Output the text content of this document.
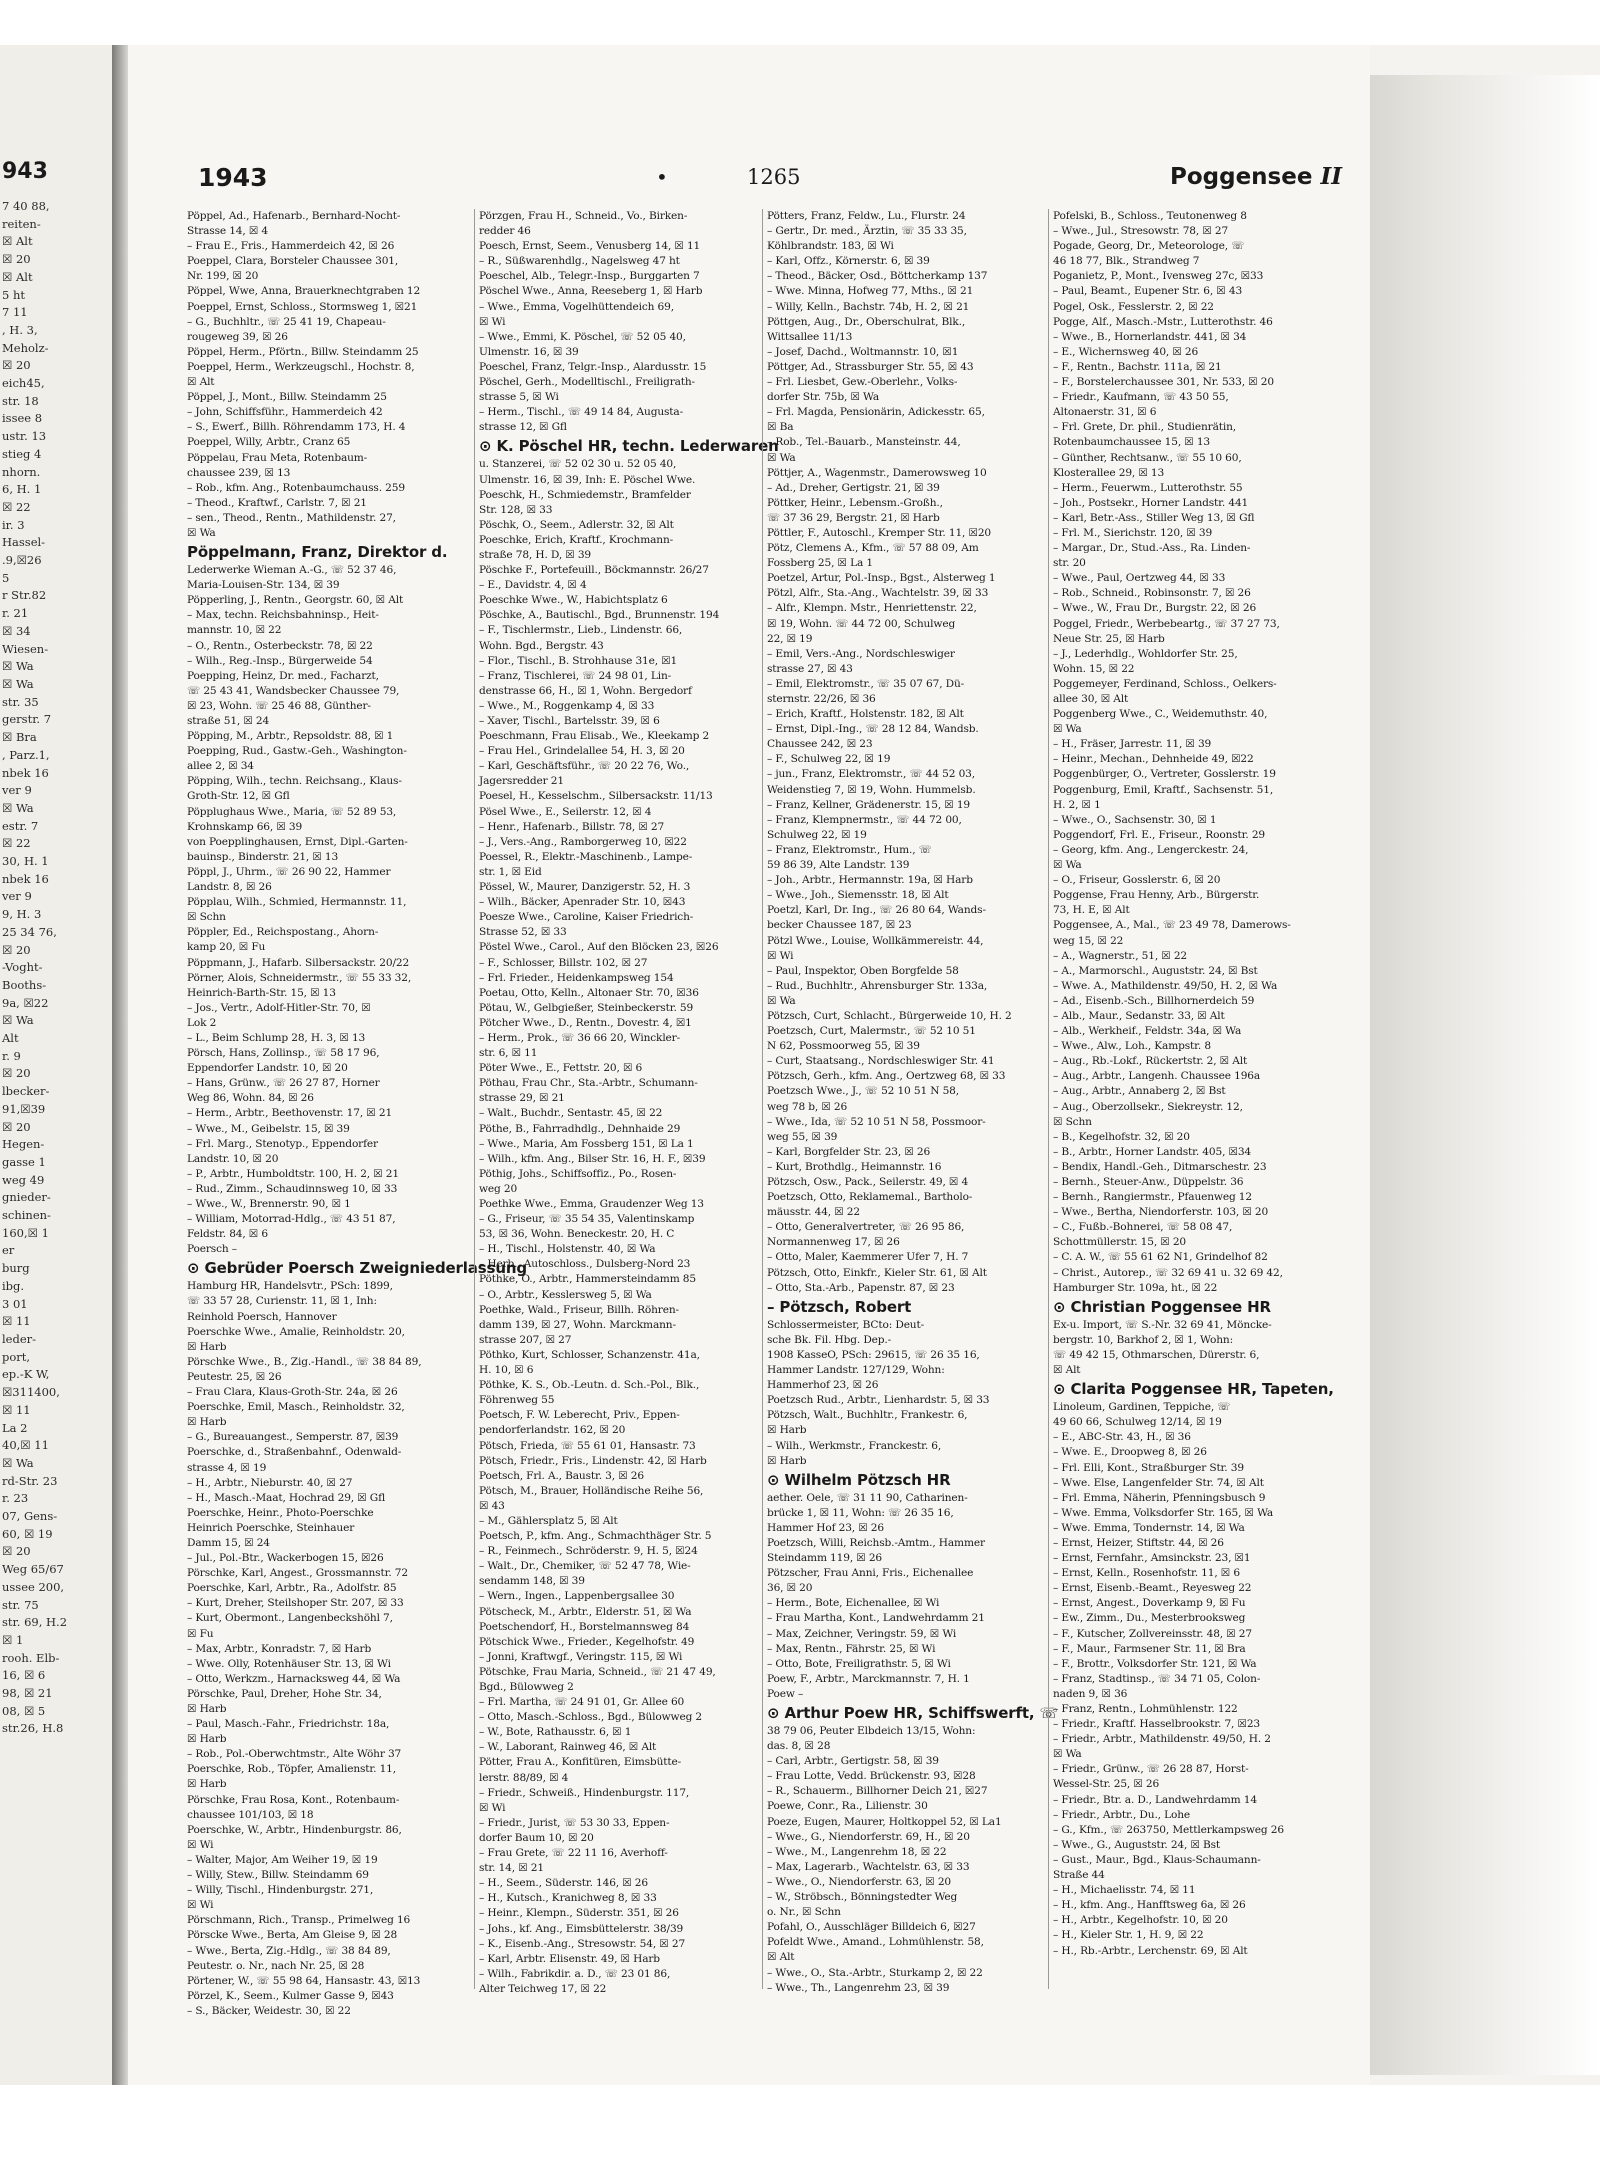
943
7 40 88,
reiten-
☒ Alt
☒ 20
☒ Alt
5 ht
7 11
, H. 3,
Meholz-
☒ 20
eich45,
str. 18
issee 8
ustr. 13
stieg 4
nhorn.
6, H. 1
☒ 22
ir. 3
Hassel-
.9,☒26
5
r Str.82
r. 21
☒ 34
Wiesen-
☒ Wa
☒ Wa
str. 35
gerstr. 7
☒ Bra
, Parz.1,
nbek 16
ver 9
☒ Wa
estr. 7
☒ 22
30, H. 1
nbek 16
ver 9
9, H. 3
25 34 76,
☒ 20
-Voght-
Booths-
9a, ☒22
☒ Wa
Alt
r. 9
☒ 20
lbecker-
91,☒39
☒ 20
Hegen-
gasse 1
weg 49
gnieder-
schinen-
160,☒ 1
er
burg
ibg.
3 01
☒ 11
leder-
port,
ep.-K W,
☒311400,
☒ 11
La 2
40,☒ 11
☒ Wa
rd-Str. 23
r. 23
07, Gens-
60, ☒ 19
☒ 20
Weg 65/67
ussee 200,
str. 75
str. 69, H.2
☒ 1
rooh. Elb-
16, ☒ 6
98, ☒ 21
08, ☒ 5
str.26, H.8
1943	•	1265	Poggensee II
Pöppel, Ad., Hafenarb., Bernhard-Nocht-
Strasse 14, ☒ 4
– Frau E., Fris., Hammerdeich 42, ☒ 26
Poeppel, Clara, Borsteler Chaussee 301,
Nr. 199, ☒ 20
Pöppel, Wwe, Anna, Brauerknechtgraben 12
Poeppel, Ernst, Schloss., Stormsweg 1, ☒21
– G., Buchhltr., ☏ 25 41 19, Chapeau-
rougeweg 39, ☒ 26
Pöppel, Herm., Pförtn., Billw. Steindamm 25
Poeppel, Herm., Werkzeugschl., Hochstr. 8,
☒ Alt
Pöppel, J., Mont., Billw. Steindamm 25
– John, Schiffsführ., Hammerdeich 42
– S., Ewerf., Billh. Röhrendamm 173, H. 4
Poeppel, Willy, Arbtr., Cranz 65
Pöppelau, Frau Meta, Rotenbaum-
chaussee 239, ☒ 13
– Rob., kfm. Ang., Rotenbaumchauss. 259
– Theod., Kraftwf., Carlstr. 7, ☒ 21
– sen., Theod., Rentn., Mathildenstr. 27,
☒ Wa
Pöppelmann, Franz, Direktor d.
Lederwerke Wieman A.-G., ☏ 52 37 46,
Maria-Louisen-Str. 134, ☒ 39
Pöpperling, J., Rentn., Georgstr. 60, ☒ Alt
– Max, techn. Reichsbahninsp., Heit-
mannstr. 10, ☒ 22
– O., Rentn., Osterbeckstr. 78, ☒ 22
– Wilh., Reg.-Insp., Bürgerweide 54
Poepping, Heinz, Dr. med., Facharzt,
☏ 25 43 41, Wandsbecker Chaussee 79,
☒ 23, Wohn. ☏ 25 46 88, Günther-
straße 51, ☒ 24
Pöpping, M., Arbtr., Repsoldstr. 88, ☒ 1
Poepping, Rud., Gastw.-Geh., Washington-
allee 2, ☒ 34
Pöpping, Wilh., techn. Reichsang., Klaus-
Groth-Str. 12, ☒ Gfl
Pöpplughaus Wwe., Maria, ☏ 52 89 53,
Krohnskamp 66, ☒ 39
von Poepplinghausen, Ernst, Dipl.-Garten-
bauinsp., Binderstr. 21, ☒ 13
Pöppl, J., Uhrm., ☏ 26 90 22, Hammer
Landstr. 8, ☒ 26
Pöpplau, Wilh., Schmied, Hermannstr. 11,
☒ Schn
Pöppler, Ed., Reichspostang., Ahorn-
kamp 20, ☒ Fu
Pöppmann, J., Hafarb. Silbersackstr. 20/22
Pörner, Alois, Schneidermstr., ☏ 55 33 32,
Heinrich-Barth-Str. 15, ☒ 13
– Jos., Vertr., Adolf-Hitler-Str. 70, ☒
Lok 2
– L., Beim Schlump 28, H. 3, ☒ 13
Pörsch, Hans, Zollinsp., ☏ 58 17 96,
Eppendorfer Landstr. 10, ☒ 20
– Hans, Grünw., ☏ 26 27 87, Horner
Weg 86, Wohn. 84, ☒ 26
– Herm., Arbtr., Beethovenstr. 17, ☒ 21
– Wwe., M., Geibelstr. 15, ☒ 39
– Frl. Marg., Stenotyp., Eppendorfer
Landstr. 10, ☒ 20
– P., Arbtr., Humboldtstr. 100, H. 2, ☒ 21
– Rud., Zimm., Schaudinnsweg 10, ☒ 33
– Wwe., W., Brennerstr. 90, ☒ 1
– William, Motorrad-Hdlg., ☏ 43 51 87,
Feldstr. 84, ☒ 6
Poersch –
⊙ Gebrüder Poersch Zweigniederlassung
Hamburg HR, Handelsvtr., PSch: 1899,
☏ 33 57 28, Curienstr. 11, ☒ 1, Inh:
Reinhold Poersch, Hannover
Poerschke Wwe., Amalie, Reinholdstr. 20,
☒ Harb
Pörschke Wwe., B., Zig.-Handl., ☏ 38 84 89,
Peutestr. 25, ☒ 26
– Frau Clara, Klaus-Groth-Str. 24a, ☒ 26
Poerschke, Emil, Masch., Reinholdstr. 32,
☒ Harb
– G., Bureauangest., Semperstr. 87, ☒39
Poerschke, d., Straßenbahnf., Odenwald-
strasse 4, ☒ 19
– H., Arbtr., Nieburstr. 40, ☒ 27
– H., Masch.-Maat, Hochrad 29, ☒ Gfl
Poerschke, Heinr., Photo-Poerschke
Heinrich Poerschke, Steinhauer
Damm 15, ☒ 24
– Jul., Pol.-Btr., Wackerbogen 15, ☒26
Pörschke, Karl, Angest., Grossmannstr. 72
Poerschke, Karl, Arbtr., Ra., Adolfstr. 85
– Kurt, Dreher, Steilshoper Str. 207, ☒ 33
– Kurt, Obermont., Langenbeckshöhl 7,
☒ Fu
– Max, Arbtr., Konradstr. 7, ☒ Harb
– Wwe. Olly, Rotenhäuser Str. 13, ☒ Wi
– Otto, Werkzm., Harnacksweg 44, ☒ Wa
Pörschke, Paul, Dreher, Hohe Str. 34,
☒ Harb
– Paul, Masch.-Fahr., Friedrichstr. 18a,
☒ Harb
– Rob., Pol.-Oberwchtmstr., Alte Wöhr 37
Poerschke, Rob., Töpfer, Amalienstr. 11,
☒ Harb
Pörschke, Frau Rosa, Kont., Rotenbaum-
chaussee 101/103, ☒ 18
Poerschke, W., Arbtr., Hindenburgstr. 86,
☒ Wi
– Walter, Major, Am Weiher 19, ☒ 19
– Willy, Stew., Billw. Steindamm 69
– Willy, Tischl., Hindenburgstr. 271,
☒ Wi
Pörschmann, Rich., Transp., Primelweg 16
Pörscke Wwe., Berta, Am Gleise 9, ☒ 28
– Wwe., Berta, Zig.-Hdlg., ☏ 38 84 89,
Peutestr. o. Nr., nach Nr. 25, ☒ 28
Pörtener, W., ☏ 55 98 64, Hansastr. 43, ☒13
Pörzel, K., Seem., Kulmer Gasse 9, ☒43
– S., Bäcker, Weidestr. 30, ☒ 22
Pörzgen, Frau H., Schneid., Vo., Birken-
redder 46
Poesch, Ernst, Seem., Venusberg 14, ☒ 11
– R., Süßwarenhdlg., Nagelsweg 47 ht
Poeschel, Alb., Telegr.-Insp., Burggarten 7
Pöschel Wwe., Anna, Reeseberg 1, ☒ Harb
– Wwe., Emma, Vogelhüttendeich 69,
☒ Wi
– Wwe., Emmi, K. Pöschel, ☏ 52 05 40,
Ulmenstr. 16, ☒ 39
Poeschel, Franz, Telgr.-Insp., Alardusstr. 15
Pöschel, Gerh., Modelltischl., Freiligrath-
strasse 5, ☒ Wi
– Herm., Tischl., ☏ 49 14 84, Augusta-
strasse 12, ☒ Gfl
⊙ K. Pöschel HR, techn. Lederwaren
u. Stanzerei, ☏ 52 02 30 u. 52 05 40,
Ulmenstr. 16, ☒ 39, Inh: E. Pöschel Wwe.
Poeschk, H., Schmiedemstr., Bramfelder
Str. 128, ☒ 33
Pöschk, O., Seem., Adlerstr. 32, ☒ Alt
Poeschke, Erich, Kraftf., Krochmann-
straße 78, H. D, ☒ 39
Pöschke F., Portefeuill., Böckmannstr. 26/27
– E., Davidstr. 4, ☒ 4
Poeschke Wwe., W., Habichtsplatz 6
Pöschke, A., Bautischl., Bgd., Brunnenstr. 194
– F., Tischlermstr., Lieb., Lindenstr. 66,
Wohn. Bgd., Bergstr. 43
– Flor., Tischl., B. Strohhause 31e, ☒1
– Franz, Tischlerei, ☏ 24 98 01, Lin-
denstrasse 66, H., ☒ 1, Wohn. Bergedorf
– Wwe., M., Roggenkamp 4, ☒ 33
– Xaver, Tischl., Bartelsstr. 39, ☒ 6
Poeschmann, Frau Elisab., We., Kleekamp 2
– Frau Hel., Grindelallee 54, H. 3, ☒ 20
– Karl, Geschäftsführ., ☏ 20 22 76, Wo.,
Jagersredder 21
Poesel, H., Kesselschm., Silbersackstr. 11/13
Pösel Wwe., E., Seilerstr. 12, ☒ 4
– Henr., Hafenarb., Billstr. 78, ☒ 27
– J., Vers.-Ang., Ramborgerweg 10, ☒22
Poessel, R., Elektr.-Maschinenb., Lampe-
str. 1, ☒ Eid
Pössel, W., Maurer, Danzigerstr. 52, H. 3
– Wilh., Bäcker, Apenrader Str. 10, ☒43
Poesze Wwe., Caroline, Kaiser Friedrich-
Strasse 52, ☒ 33
Pöstel Wwe., Carol., Auf den Blöcken 23, ☒26
– F., Schlosser, Billstr. 102, ☒ 27
– Frl. Frieder., Heidenkampsweg 154
Poetau, Otto, Kelln., Altonaer Str. 70, ☒36
Pötau, W., Gelbgießer, Steinbeckerstr. 59
Pötcher Wwe., D., Rentn., Dovestr. 4, ☒1
– Herm., Prok., ☏ 36 66 20, Winckler-
str. 6, ☒ 11
Pöter Wwe., E., Fettstr. 20, ☒ 6
Pöthau, Frau Chr., Sta.-Arbtr., Schumann-
strasse 29, ☒ 21
– Walt., Buchdr., Sentastr. 45, ☒ 22
Pöthe, B., Fahrradhdlg., Dehnhaide 29
– Wwe., Maria, Am Fossberg 151, ☒ La 1
– Wilh., kfm. Ang., Bilser Str. 16, H. F., ☒39
Pöthig, Johs., Schiffsoffiz., Po., Rosen-
weg 20
Poethke Wwe., Emma, Graudenzer Weg 13
– G., Friseur, ☏ 35 54 35, Valentinskamp
53, ☒ 36, Wohn. Beneckestr. 20, H. C
– H., Tischl., Holstenstr. 40, ☒ Wa
– Herb., Autoschloss., Dulsberg-Nord 23
Pöthke, O., Arbtr., Hammersteindamm 85
– O., Arbtr., Kesslersweg 5, ☒ Wa
Poethke, Wald., Friseur, Billh. Röhren-
damm 139, ☒ 27, Wohn. Marckmann-
strasse 207, ☒ 27
Pöthko, Kurt, Schlosser, Schanzenstr. 41a,
H. 10, ☒ 6
Pöthke, K. S., Ob.-Leutn. d. Sch.-Pol., Blk.,
Föhrenweg 55
Poetsch, F. W. Leberecht, Priv., Eppen-
pendorferlandstr. 162, ☒ 20
Pötsch, Frieda, ☏ 55 61 01, Hansastr. 73
Pötsch, Friedr., Fris., Lindenstr. 42, ☒ Harb
Poetsch, Frl. A., Baustr. 3, ☒ 26
Pötsch, M., Brauer, Holländische Reihe 56,
☒ 43
– M., Gählersplatz 5, ☒ Alt
Poetsch, P., kfm. Ang., Schmachthäger Str. 5
– R., Feinmech., Schröderstr. 9, H. 5, ☒24
– Walt., Dr., Chemiker, ☏ 52 47 78, Wie-
sendamm 148, ☒ 39
– Wern., Ingen., Lappenbergsallee 30
Pötscheck, M., Arbtr., Elderstr. 51, ☒ Wa
Poetschendorf, H., Borstelmannsweg 84
Pötschick Wwe., Frieder., Kegelhofstr. 49
– Jonni, Kraftwgf., Veringstr. 115, ☒ Wi
Pötschke, Frau Maria, Schneid., ☏ 21 47 49,
Bgd., Bülowweg 2
– Frl. Martha, ☏ 24 91 01, Gr. Allee 60
– Otto, Masch.-Schloss., Bgd., Bülowweg 2
– W., Bote, Rathausstr. 6, ☒ 1
– W., Laborant, Rainweg 46, ☒ Alt
Pötter, Frau A., Konfitüren, Eimsbütte-
lerstr. 88/89, ☒ 4
– Friedr., Schweiß., Hindenburgstr. 117,
☒ Wi
– Friedr., Jurist, ☏ 53 30 33, Eppen-
dorfer Baum 10, ☒ 20
– Frau Grete, ☏ 22 11 16, Averhoff-
str. 14, ☒ 21
– H., Seem., Süderstr. 146, ☒ 26
– H., Kutsch., Kranichweg 8, ☒ 33
– Heinr., Klempn., Süderstr. 351, ☒ 26
– Johs., kf. Ang., Eimsbüttelerstr. 38/39
– K., Eisenb.-Ang., Stresowstr. 54, ☒ 27
– Karl, Arbtr. Elisenstr. 49, ☒ Harb
– Wilh., Fabrikdir. a. D., ☏ 23 01 86,
Alter Teichweg 17, ☒ 22
Pötters, Franz, Feldw., Lu., Flurstr. 24
– Gertr., Dr. med., Ärztin, ☏ 35 33 35,
Köhlbrandstr. 183, ☒ Wi
– Karl, Offz., Körnerstr. 6, ☒ 39
– Theod., Bäcker, Osd., Böttcherkamp 137
– Wwe. Minna, Hofweg 77, Mths., ☒ 21
– Willy, Kelln., Bachstr. 74b, H. 2, ☒ 21
Pöttgen, Aug., Dr., Oberschulrat, Blk.,
Wittsallee 11/13
– Josef, Dachd., Woltmannstr. 10, ☒1
Pöttger, Ad., Strassburger Str. 55, ☒ 43
– Frl. Liesbet, Gew.-Oberlehr., Volks-
dorfer Str. 75b, ☒ Wa
– Frl. Magda, Pensionärin, Adickesstr. 65,
☒ Ba
– Rob., Tel.-Bauarb., Mansteinstr. 44,
☒ Wa
Pöttjer, A., Wagenmstr., Damerowsweg 10
– Ad., Dreher, Gertigstr. 21, ☒ 39
Pöttker, Heinr., Lebensm.-Großh.,
☏ 37 36 29, Bergstr. 21, ☒ Harb
Pöttler, F., Autoschl., Kremper Str. 11, ☒20
Pötz, Clemens A., Kfm., ☏ 57 88 09, Am
Fossberg 25, ☒ La 1
Poetzel, Artur, Pol.-Insp., Bgst., Alsterweg 1
Pötzl, Alfr., Sta.-Ang., Wachtelstr. 39, ☒ 33
– Alfr., Klempn. Mstr., Henriettenstr. 22,
☒ 19, Wohn. ☏ 44 72 00, Schulweg
22, ☒ 19
– Emil, Vers.-Ang., Nordschleswiger
strasse 27, ☒ 43
– Emil, Elektromstr., ☏ 35 07 67, Dü-
sternstr. 22/26, ☒ 36
– Erich, Kraftf., Holstenstr. 182, ☒ Alt
– Ernst, Dipl.-Ing., ☏ 28 12 84, Wandsb.
Chaussee 242, ☒ 23
– F., Schulweg 22, ☒ 19
– jun., Franz, Elektromstr., ☏ 44 52 03,
Weidenstieg 7, ☒ 19, Wohn. Hummelsb.
– Franz, Kellner, Grädenerstr. 15, ☒ 19
– Franz, Klempnermstr., ☏ 44 72 00,
Schulweg 22, ☒ 19
– Franz, Elektromstr., Hum., ☏
59 86 39, Alte Landstr. 139
– Joh., Arbtr., Hermannstr. 19a, ☒ Harb
– Wwe., Joh., Siemensstr. 18, ☒ Alt
Poetzl, Karl, Dr. Ing., ☏ 26 80 64, Wands-
becker Chaussee 187, ☒ 23
Pötzl Wwe., Louise, Wollkämmereistr. 44,
☒ Wi
– Paul, Inspektor, Oben Borgfelde 58
– Rud., Buchhltr., Ahrensburger Str. 133a,
☒ Wa
Pötzsch, Curt, Schlacht., Bürgerweide 10, H. 2
Poetzsch, Curt, Malermstr., ☏ 52 10 51
N 62, Possmoorweg 55, ☒ 39
– Curt, Staatsang., Nordschleswiger Str. 41
Pötzsch, Gerh., kfm. Ang., Oertzweg 68, ☒ 33
Poetzsch Wwe., J., ☏ 52 10 51 N 58,
weg 78 b, ☒ 26
– Wwe., Ida, ☏ 52 10 51 N 58, Possmoor-
weg 55, ☒ 39
– Karl, Borgfelder Str. 23, ☒ 26
– Kurt, Brothdlg., Heimannstr. 16
Pötzsch, Osw., Pack., Seilerstr. 49, ☒ 4
Poetzsch, Otto, Reklamemal., Bartholo-
mäusstr. 44, ☒ 22
– Otto, Generalvertreter, ☏ 26 95 86,
Normannenweg 17, ☒ 26
– Otto, Maler, Kaemmerer Ufer 7, H. 7
Pötzsch, Otto, Einkfr., Kieler Str. 61, ☒ Alt
– Otto, Sta.-Arb., Papenstr. 87, ☒ 23
– Pötzsch, Robert
Schlossermeister, BCto: Deut-
sche Bk. Fil. Hbg. Dep.-
1908 KasseO, PSch: 29615, ☏ 26 35 16,
Hammer Landstr. 127/129, Wohn:
Hammerhof 23, ☒ 26
Poetzsch Rud., Arbtr., Lienhardstr. 5, ☒ 33
Pötzsch, Walt., Buchhltr., Frankestr. 6,
☒ Harb
– Wilh., Werkmstr., Franckestr. 6,
☒ Harb
⊙ Wilhelm Pötzsch HR
aether. Oele, ☏ 31 11 90, Catharinen-
brücke 1, ☒ 11, Wohn: ☏ 26 35 16,
Hammer Hof 23, ☒ 26
Poetzsch, Willi, Reichsb.-Amtm., Hammer
Steindamm 119, ☒ 26
Pötzscher, Frau Anni, Fris., Eichenallee
36, ☒ 20
– Herm., Bote, Eichenallee, ☒ Wi
– Frau Martha, Kont., Landwehrdamm 21
– Max, Zeichner, Veringstr. 59, ☒ Wi
– Max, Rentn., Fährstr. 25, ☒ Wi
– Otto, Bote, Freiligrathstr. 5, ☒ Wi
Poew, F., Arbtr., Marckmannstr. 7, H. 1
Poew –
⊙ Arthur Poew HR, Schiffswerft, ☏
38 79 06, Peuter Elbdeich 13/15, Wohn:
das. 8, ☒ 28
– Carl, Arbtr., Gertigstr. 58, ☒ 39
– Frau Lotte, Vedd. Brückenstr. 93, ☒28
– R., Schauerm., Billhorner Deich 21, ☒27
Poewe, Conr., Ra., Lilienstr. 30
Poeze, Eugen, Maurer, Holtkoppel 52, ☒ La1
– Wwe., G., Niendorferstr. 69, H., ☒ 20
– Wwe., M., Langenrehm 18, ☒ 22
– Max, Lagerarb., Wachtelstr. 63, ☒ 33
– Wwe., O., Niendorferstr. 63, ☒ 20
– W., Ströbsch., Bönningstedter Weg
o. Nr., ☒ Schn
Pofahl, O., Ausschläger Billdeich 6, ☒27
Pofeldt Wwe., Amand., Lohmühlenstr. 58,
☒ Alt
– Wwe., O., Sta.-Arbtr., Sturkamp 2, ☒ 22
– Wwe., Th., Langenrehm 23, ☒ 39
Pofelski, B., Schloss., Teutonenweg 8
– Wwe., Jul., Stresowstr. 78, ☒ 27
Pogade, Georg, Dr., Meteorologe, ☏
46 18 77, Blk., Strandweg 7
Poganietz, P., Mont., Ivensweg 27c, ☒33
– Paul, Beamt., Eupener Str. 6, ☒ 43
Pogel, Osk., Fesslerstr. 2, ☒ 22
Pogge, Alf., Masch.-Mstr., Lutterothstr. 46
– Wwe., B., Hornerlandstr. 441, ☒ 34
– E., Wichernsweg 40, ☒ 26
– F., Rentn., Bachstr. 111a, ☒ 21
– F., Borstelerchaussee 301, Nr. 533, ☒ 20
– Friedr., Kaufmann, ☏ 43 50 55,
Altonaerstr. 31, ☒ 6
– Frl. Grete, Dr. phil., Studienrätin,
Rotenbaumchaussee 15, ☒ 13
– Günther, Rechtsanw., ☏ 55 10 60,
Klosterallee 29, ☒ 13
– Herm., Feuerwm., Lutterothstr. 55
– Joh., Postsekr., Horner Landstr. 441
– Karl, Betr.-Ass., Stiller Weg 13, ☒ Gfl
– Frl. M., Sierichstr. 120, ☒ 39
– Margar., Dr., Stud.-Ass., Ra. Linden-
str. 20
– Wwe., Paul, Oertzweg 44, ☒ 33
– Rob., Schneid., Robinsonstr. 7, ☒ 26
– Wwe., W., Frau Dr., Burgstr. 22, ☒ 26
Poggel, Friedr., Werbebeartg., ☏ 37 27 73,
Neue Str. 25, ☒ Harb
– J., Lederhdlg., Wohldorfer Str. 25,
Wohn. 15, ☒ 22
Poggemeyer, Ferdinand, Schloss., Oelkers-
allee 30, ☒ Alt
Poggenberg Wwe., C., Weidemuthstr. 40,
☒ Wa
– H., Fräser, Jarrestr. 11, ☒ 39
– Heinr., Mechan., Dehnheide 49, ☒22
Poggenbürger, O., Vertreter, Gosslerstr. 19
Poggenburg, Emil, Kraftf., Sachsenstr. 51,
H. 2, ☒ 1
– Wwe., O., Sachsenstr. 30, ☒ 1
Poggendorf, Frl. E., Friseur., Roonstr. 29
– Georg, kfm. Ang., Lengerckestr. 24,
☒ Wa
– O., Friseur, Gosslerstr. 6, ☒ 20
Poggense, Frau Henny, Arb., Bürgerstr.
73, H. E, ☒ Alt
Poggensee, A., Mal., ☏ 23 49 78, Damerows-
weg 15, ☒ 22
– A., Wagnerstr., 51, ☒ 22
– A., Marmorschl., Auguststr. 24, ☒ Bst
– Wwe. A., Mathildenstr. 49/50, H. 2, ☒ Wa
– Ad., Eisenb.-Sch., Billhornerdeich 59
– Alb., Maur., Sedanstr. 33, ☒ Alt
– Alb., Werkheif., Feldstr. 34a, ☒ Wa
– Wwe., Alw., Loh., Kampstr. 8
– Aug., Rb.-Lokf., Rückertstr. 2, ☒ Alt
– Aug., Arbtr., Langenh. Chaussee 196a
– Aug., Arbtr., Annaberg 2, ☒ Bst
– Aug., Oberzollsekr., Siekreystr. 12,
☒ Schn
– B., Kegelhofstr. 32, ☒ 20
– B., Arbtr., Horner Landstr. 405, ☒34
– Bendix, Handl.-Geh., Ditmarschestr. 23
– Bernh., Steuer-Anw., Düppelstr. 36
– Bernh., Rangiermstr., Pfauenweg 12
– Wwe., Bertha, Niendorferstr. 103, ☒ 20
– C., Fußb.-Bohnerei, ☏ 58 08 47,
Schottmüllerstr. 15, ☒ 20
– C. A. W., ☏ 55 61 62 N1, Grindelhof 82
– Christ., Autorep., ☏ 32 69 41 u. 32 69 42,
Hamburger Str. 109a, ht., ☒ 22
⊙ Christian Poggensee HR
Ex-u. Import, ☏ S.-Nr. 32 69 41, Möncke-
bergstr. 10, Barkhof 2, ☒ 1, Wohn:
☏ 49 42 15, Othmarschen, Dürerstr. 6,
☒ Alt
⊙ Clarita Poggensee HR, Tapeten,
Linoleum, Gardinen, Teppiche, ☏
49 60 66, Schulweg 12/14, ☒ 19
– E., ABC-Str. 43, H., ☒ 36
– Wwe. E., Droopweg 8, ☒ 26
– Frl. Elli, Kont., Straßburger Str. 39
– Wwe. Else, Langenfelder Str. 74, ☒ Alt
– Frl. Emma, Näherin, Pfenningsbusch 9
– Wwe. Emma, Volksdorfer Str. 165, ☒ Wa
– Wwe. Emma, Tondernstr. 14, ☒ Wa
– Ernst, Heizer, Stiftstr. 44, ☒ 26
– Ernst, Fernfahr., Amsinckstr. 23, ☒1
– Ernst, Kelln., Rosenhofstr. 11, ☒ 6
– Ernst, Eisenb.-Beamt., Reyesweg 22
– Ernst, Angest., Doverkamp 9, ☒ Fu
– Ew., Zimm., Du., Mesterbrooksweg
– F., Kutscher, Zollvereinsstr. 48, ☒ 27
– F., Maur., Farmsener Str. 11, ☒ Bra
– F., Brottr., Volksdorfer Str. 121, ☒ Wa
– Franz, Stadtinsp., ☏ 34 71 05, Colon-
naden 9, ☒ 36
– Franz, Rentn., Lohmühlenstr. 122
– Friedr., Kraftf. Hasselbrookstr. 7, ☒23
– Friedr., Arbtr., Mathildenstr. 49/50, H. 2
☒ Wa
– Friedr., Grünw., ☏ 26 28 87, Horst-
Wessel-Str. 25, ☒ 26
– Friedr., Btr. a. D., Landwehrdamm 14
– Friedr., Arbtr., Du., Lohe
– G., Kfm., ☏ 263750, Mettlerkampsweg 26
– Wwe., G., Auguststr. 24, ☒ Bst
– Gust., Maur., Bgd., Klaus-Schaumann-
Straße 44
– H., Michaelisstr. 74, ☒ 11
– H., kfm. Ang., Hanfftsweg 6a, ☒ 26
– H., Arbtr., Kegelhofstr. 10, ☒ 20
– H., Kieler Str. 1, H. 9, ☒ 22
– H., Rb.-Arbtr., Lerchenstr. 69, ☒ Alt
